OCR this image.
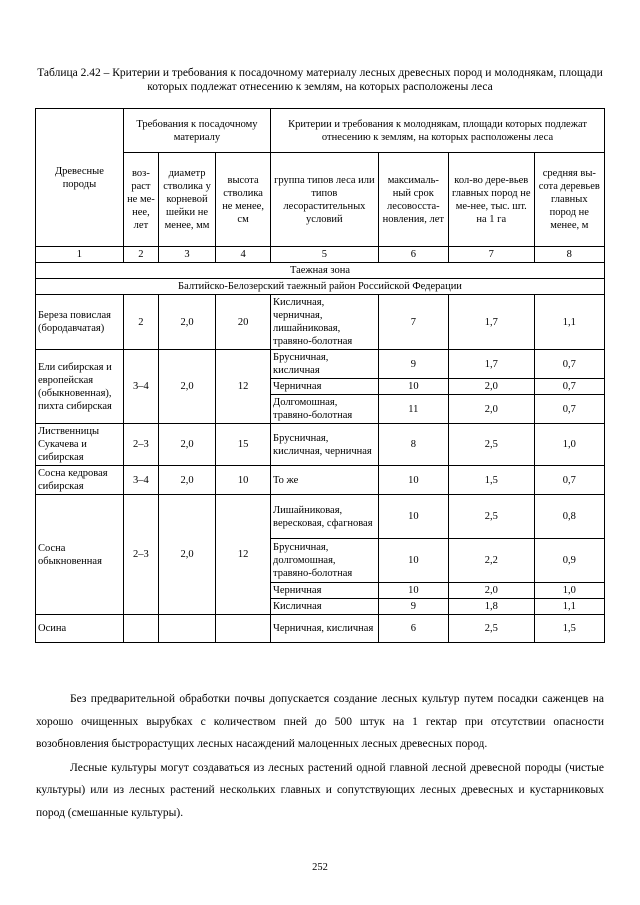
Таблица 2.42 – Критерии и требования к посадочному материалу лесных древесных пород и молоднякам, площади которых подлежат отнесению к землям, на которых расположены леса
Древесные породы	Требования к посадочному материалу			Критерии и требования к молоднякам, площади которых подлежат отнесению к землям, на которых расположены леса			
	воз-раст не ме-нее, лет	диаметр стволика у корневой шейки не менее, мм	высота стволика не менее, см	группа типов леса или типов лесорастительных условий	максималь-ный срок лесовосста-новления, лет	кол-во дере-вьев главных пород не ме-нее, тыс. шт. на 1 га	средняя вы-сота деревьев главных пород не менее, м
1	2	3	4	5	6	7	8
Таежная зона							
Балтийско-Белозерский таежный район Российской Федерации							
Береза повислая (бородавчатая)	2	2,0	20	Кисличная, черничная, лишайниковая, травяно-болотная	7	1,7	1,1
Ели сибирская и европейская (обыкновенная), пихта сибирская	3–4	2,0	12	Брусничная, кисличная	9	1,7	0,7
				Черничная	10	2,0	0,7
				Долгомошная, травяно-болотная	11	2,0	0,7
Лиственницы Сукачева и сибирская	2–3	2,0	15	Брусничная, кисличная, черничная	8	2,5	1,0
Сосна кедровая сибирская	3–4	2,0	10	То же	10	1,5	0,7
Сосна обыкновенная	2–3	2,0	12	Лишайниковая, вересковая, сфагновая	10	2,5	0,8
				Брусничная, долгомошная, травяно-болотная	10	2,2	0,9
				Черничная	10	2,0	1,0
				Кисличная	9	1,8	1,1
Осина				Черничная, кисличная	6	2,5	1,5

Без предварительной обработки почвы допускается создание лесных культур путем посадки саженцев на хорошо очищенных вырубках с количеством пней до 500 штук на 1 гектар при отсутствии опасности возобновления быстрорастущих лесных насаждений малоценных лесных древесных пород.

Лесные культуры могут создаваться из лесных растений одной главной лесной древесной породы (чистые культуры) или из лесных растений нескольких главных и сопутствующих лесных древесных и кустарниковых пород (смешанные культуры).

252
